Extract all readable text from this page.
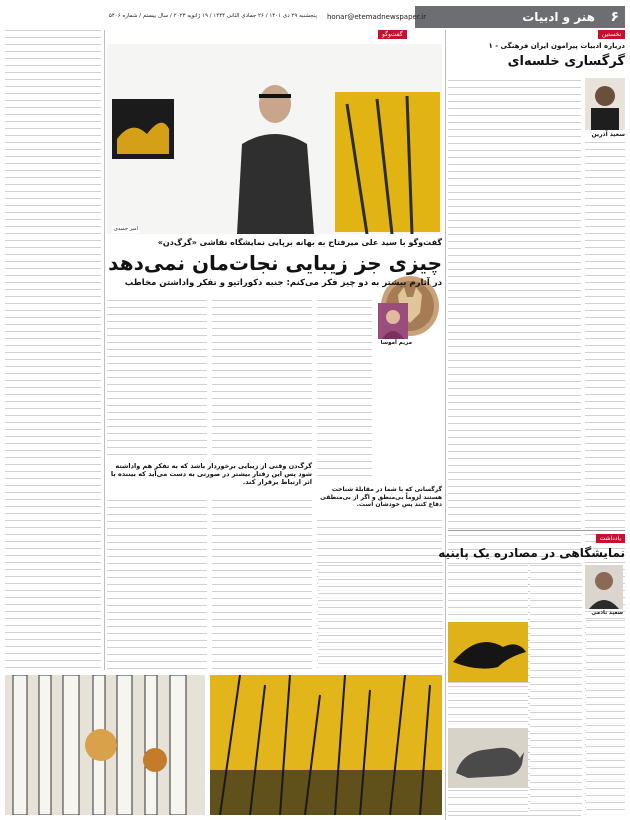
۶
هنر و ادبیات
honar@etemadnewspaper.ir
پنجشنبه ۲۹ دی ۱۴۰۱ / ۲۶ جمادی الثانی ۱۴۴۴ / ۱۹ ژانویه ۲۰۲۳ / سال بیستم / شماره ۵۴۰۶
نخستین
درباره ادبیات پیرامون ایران فرهنگی - ۱
گرگساری خلسه‌ای
سعید آذرین
گفت‌وگو
امیر حمیدی
گفت‌وگو با سید علی میرفتاح به بهانه برپایی نمایشگاه نقاشی «گرگ‌دن»
چیزی جز زیبایی نجات‌مان نمی‌دهد
در آثارم بیشتر به دو چیز فکر می‌کنم: جنبه دکوراتیو و تفکر واداشتن مخاطب
مریم آموسا
گرگ‌دن وقتی از زیبایی برخوردار باشد که به تفکر هم واداشته شود پس این رفتار بیشتر در صورتی به دست می‌آید که بیننده با اثر ارتباط برقرار کند.
گرگسانی که با شما در مقابلهٔ شناخت هستند لزوماً بی‌منطق و اگر از بی‌منطقی دفاع کنند پس خودشان است.
یادداشت
نمایشگاهی در مصادره یک پاینیه
سعید نادمی
